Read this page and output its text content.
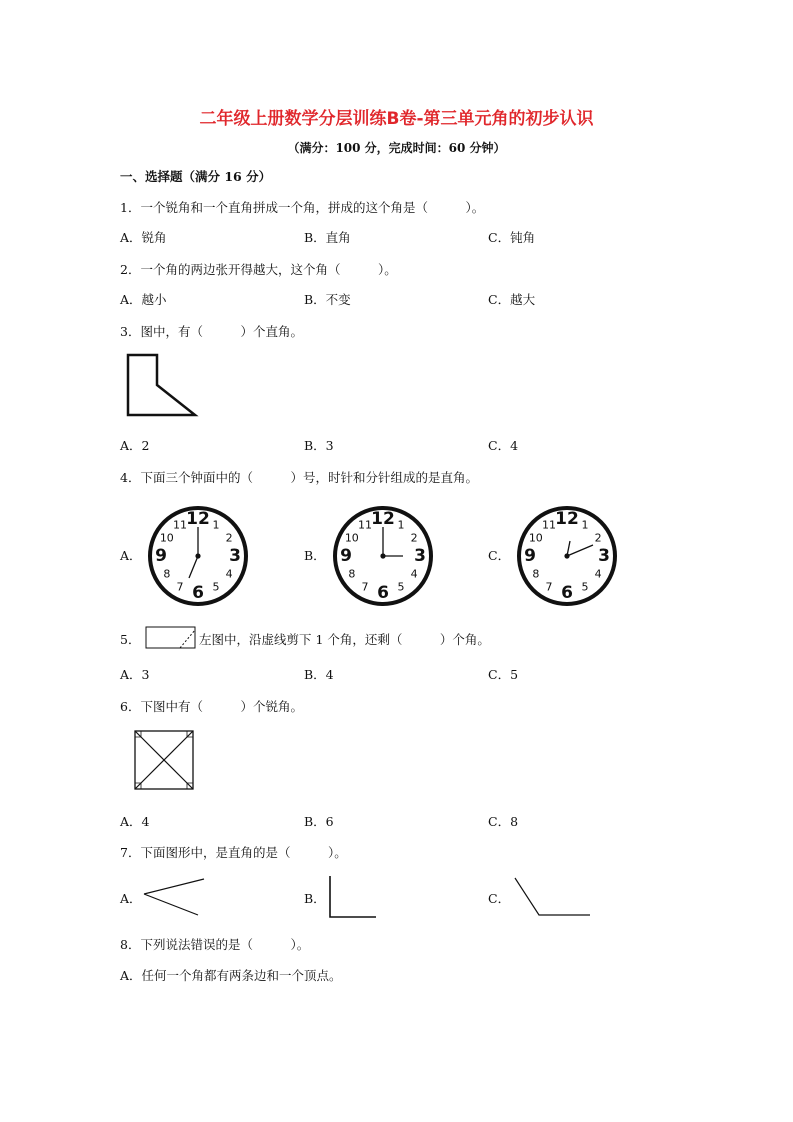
二年级上册数学分层训练B卷-第三单元角的初步认识
（满分：100 分，完成时间：60 分钟）
一、选择题（满分 16 分）
1．一个锐角和一个直角拼成一个角，拼成的这个角是（　　　）。
A．锐角	B．直角	C．钝角
2．一个角的两边张开得越大，这个角（　　　）。
A．越小	B．不变	C．越大
3．图中，有（　　　）个直角。
A．2	B．3	C．4
4．下面三个钟面中的（　　　）号，时针和分针组成的是直角。
A．	B．	C．
12 1
2
3
4
5
6
7
8
9
10
11	12 1
2
3
4
5
6
7
8
9
10
11	12 1
2
3
4
5
6
7
8
9
10
11
5．	左图中，沿虚线剪下 1 个角，还剩（　　　）个角。
A．3	B．4	C．5
6．下图中有（　　　）个锐角。
A．4	B．6	C．8
7．下面图形中，是直角的是（　　　）。
A．	B．	C．
8．下列说法错误的是（　　　）。
A．任何一个角都有两条边和一个顶点。
